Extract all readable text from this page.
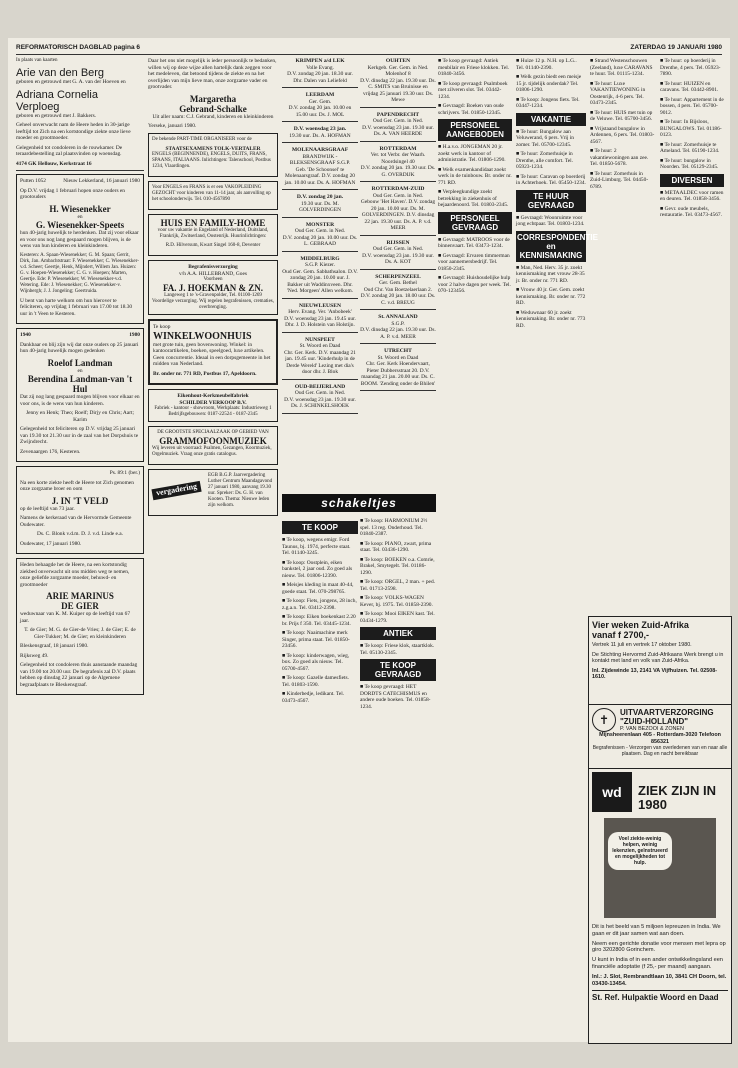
REFORMATORISCH DAGBLAD pagina 6	ZATERDAG 19 JANUARI 1980

In plaats van kaarten

Arie van den Berg

geboren en getrouwd met G. A. van der Hoeven en

Adriana Cornelia Verploeg

geboren en getrouwd met J. Bakkers.

Geheel onverwacht nam de Heere heden in 30-jarige leeftijd tot Zich na een kortstondige ziekte onze lieve moeder en grootmoeder.

Gelegenheid tot condoleren in de rouwkamer. De teraardebestelling zal plaatsvinden op woensdag.

4174 GK Hellouw, Kerkstraat 16

Putten 1052	Nieuw Lekkerland, 16 januari 1980

Op D.V. vrijdag 1 februari hopen onze ouders en grootouders

H. Wiesenekker
en
G. Wiesenekker-Speets

hun 40-jarig huwelijk te herdenken. Dat zij voor elkaar en voor ons nog lang gespaard mogen blijven, is de wens van hun kinderen en kleinkinderen.

Kesteren: A. Spaan-Wiesenekker; G. M. Spaan; Gerrit, Dirk, Jan. Ambachtstraat: F. Wiesenekker; C. Wiesenekker-v.d. Scheer; Geertje, Henk, Mijndert, Willem Jan. Huizen: G. v. Hoepen-Wiesenekker; C. G. v. Hoepen; Marten, Geertje. Ede: P. Wiesenekker; W. Wiesenekker-v.d. Wetering. Ede: J. Wiesenekker; G. Wiesenekker-v. Wijnbergh; J. J. Jongeling; Geertruida.

U bent van harte welkom om hun hierover te feliciteren, op vrijdag 1 februari van 17.00 tot 18.30 uur in 't Veen te Kesteren.

1940	1980

Dankbaar en blij zijn wij dat onze ouders op 25 januari hun 40-jarig huwelijk mogen gedenken

Roelof Landman
en
Berendina Landman-van 't Hul

Dat zij nog lang gespaard mogen blijven voor elkaar en voor ons, is de wens van hun kinderen.

Jenny en Henk; Theo; Roelf; Dirjy en Chris; Aart; Karim

Gelegenheid tot feliciteren op D.V. vrijdag 25 januari van 19.30 tot 21.30 uur in de zaal van het Dorpshuis te Zwijndrecht.

Zevenaargen 176, Kesteren.

Ps. 89:1 (ber.)

Na een korte ziekte heeft de Heere tot Zich genomen onze zorgzame broer en oom

J. IN 'T VELD

op de leeftijd van 73 jaar.

Namens de kerkeraad van de Hervormde Gemeente Oudewater.

Ds. C. Blonk v.d.m. D. J. v.d. Linde e.a.

Oudewater, 17 januari 1980.

Heden behaagde het de Heere, na een kortstondig ziekbed onverwacht uit ons midden weg te nemen, onze geliefde zorgzame moeder, behuwd- en grootmoeder

ARIE MARINUS
DE GIER

weduwnaar van K. M. Kuiper op de leeftijd van 67 jaar.

T. de Gier; M. G. de Gier-de Vries; J. de Gier; E. de Gier-Tukker; M. de Gier; en kleinkinderen

Bleskensgraaf, 18 januari 1980.

Rijksweg 49.

Gelegenheid tot condoleren thuis aanstaande maandag van 19.00 tot 20.00 uur. De begrafenis zal D.V. plaats hebben op dinsdag 22 januari op de Algemene begraafplaats te Bleskensgraaf.

Daar het ons niet mogelijk is ieder persoonlijk te bedanken, willen wij op deze wijze allen hartelijk dank zeggen voor het medeleven, dat betoond tijdens de ziekte en na het overlijden van mijn lieve man, onze zorgzame vader en grootvader.

Margaretha
Gebrand-Schalke

Uit aller naam: C.J. Gebrand, kinderen en kleinkinderen

Yerseke, januari 1980.

De bekende PART-TIME ORGANISEER voor de

STAATSEXAMENS TOLK-VERTALER

ENGELS (BEGINNENDE), ENGELS, DUITS, FRANS, SPAANS, ITALIAANS. Inlichtingen: Talenschool, Postbus 1234, Vlaardingen.

Voor ENGELS en FRANS is er een VAKOPLEIDING GEZOCHT voor kinderen van 11-14 jaar, als aanvulling op het schoolonderwijs. Tel. 010-4567890

HUIS EN FAMILY-HOME

voor uw vakantie in Engeland of Nederland, Duitsland, Frankrijk, Zwitserland, Oostenrijk. Huurinlichtingen:

R.D. Hilversum, Kwart Singel 160-8, Deventer

Begrafenisverzorging
v/h A.A. HILLEBRAND, Goes
Voorheen
FA. J. HOEKMAN & ZN.
Langeweg 1 te 's-Gravenpolder, Tel. 01100-1269
Voordelige verzorging. Wij regelen begrafenissen, crematies, overbrenging.
Te koop
WINKELWOONHUIS

met grote tuin, geen bovenwoning. Winkel: in kantoorartikelen, boeken, speelgoed, luxe artikelen. Geen concurrentie. Ideaal in een dorpsgemeente in het midden van Nederland.

Br. onder nr. 771 RD, Postbus 17, Apeldoorn.

Eikenhout-Kerkmeubelfabriek
SCHILDER VERKOOP B.V.
Fabriek - kantoor - showroom, Werkplaats: Industrieweg 1
Bedrijfsgebouwen: 0187-22524 - 0187-2345
DE GROOTSTE SPECIAALZAAK OP GEBIED VAN
GRAMMOFOONMUZIEK

Wij leveren uit voorraad: Psalmen, Gezangen, Koormuziek, Orgelmuziek. Vraag onze gratis catalogus.

vergadering

EGB B.G.P. Jaarvergadering Luther Centrum Maandagavond 27 januari 1980, aanvang 19.30 uur. Spreker: Ds. G. H. van Kooten. Thema: Nieuwe leden zijn welkom.

KRIMPEN a/d LEK
Volle Evang.
D.V. zondag 20 jan. 18.30 uur. Dhr. Dalen van Leliefeld
LEERDAM
Ger. Gem.
D.V. zondag 20 jan. 10.00 en 15.00 uur. Ds. J. MOL
D.V. woensdag 23 jan.
19.30 uur. Ds. A. HOFMAN
MOLENAARSGRAAF
BRANDWIJK - BLEKSENSGRAAF S.G.P.
Geb. 'De Schoonsel' te Molenaarsgraaf. D.V. zondag 20 jan. 10.00 uur. Ds. A. HOFMAN
D.V. zondag 20 jan.
19.30 uur. Ds. M. GOLVERDINGEN
MONSTER
Oud Ger. Gem. in Ned.
D.V. zondag 20 jan. 10.00 uur. Ds. L. GEBRAAD
MIDDELBURG
S.G.P. Kiezer.
Oud Ger. Gem. Sabbathsalon. D.V. zondag 20 jan. 10.00 uur. J. Bakker uit Waddinxveen. Dhr. 'Ned. Morgeen' Allen welkom.
NIEUWLEUSEN
Herv. Evang. Ver. 'Anbobeek'
D.V. woensdag 23 jan. 19.45 uur. Dhr. J. D. Holstein van Holstijn.
NUNSPEET
St. Woord en Daad
Chr. Ger. Kerk. D.V. maandag 21 jan. 19.45 uur. 'Kinderhulp in de Derde Wereld' Lezing met dia's door dhr. J. Blok
OUD-BEIJERLAND
Oud Ger. Gem. in Ned.
D.V. woensdag 23 jan. 19.30 uur. Ds. J. SCHINKELSHOEK
OUHTEN
Kerkgeb. Ger. Gem. in Ned. Molenhof 8
D.V. dinsdag 22 jan. 19.30 uur. Ds. C. SMITS van Bruinisse en vrijdag 25 januari 19.30 uur. Ds. Mewe
PAPENDRECHT
Oud Ger. Gem. in Ned.
D.V. woensdag 23 jan. 19.30 uur. Ds. A. VAN HEERDE
ROTTERDAM
Ver. tot Verbr. der Waarh. Noordsingel 40
D.V. zondag 20 jan. 19.30 uur. Ds. G. OVERDIJK
ROTTERDAM-ZUID
Oud Ger. Gem. in Ned.
Gebouw 'Het Haven'. D.V. zondag 20 jan. 10.00 uur. Ds. M. GOLVERDINGEN. D.V. dinsdag 22 jan. 19.30 uur. Ds. A. P. v.d. MEER
RIJSSEN
Oud Ger. Gem. in Ned.
D.V. woensdag 23 jan. 19.30 uur. Ds. A. KOT
SCHERPENZEEL
Ger. Gem. Bethel
Oud Chr. Van Boetzelaerlaan 2. D.V. zondag 20 jan. 18.00 uur. Ds. C. v.d. BREUG
St. ANNALAND
S.G.P.
D.V. dinsdag 22 jan. 19.30 uur. Ds. A. P. v.d. MEER
UTRECHT
St. Woord en Daad
Chr. Ger. Kerk Hoendervaart, Pieter Dubbersstraat 20. D.V. maandag 21 jan. 20.00 uur. Ds. C. BOOM. 'Zending onder de Bhilen'
schakeltjes
TE KOOP

■ Te koop, wegens emigr. Ford Taunus, bj. 1974, perfecte staat. Tel. 01140-3245.

■ Te koop: Oostplein, eiken bankstel, 2 jaar oud. Zo goed als nieuw. Tel. 01806-12390.

■ Meisjes kleding in maat 40-44, goede staat. Tel. 070-298765.

■ Te koop: Fiets, jongens, 28 inch, z.g.a.n. Tel. 03412-2398.

■ Te koop: Eiken boekenkast 2.20 br. Prijs f 350. Tel. 03445-1234.

■ Te koop: Naaimachine merk Singer, prima staat. Tel. 01850-23456.

■ Te koop: kinderwagen, wieg, box. Zo goed als nieuw. Tel. 05700-4567.

■ Te koop: Gazelle damesfiets. Tel. 01803-1590.

■ Kinderbedje, ledikant. Tel. 03473-4567.

■ Te koop: HARMONIUM 2½ spel. 13 reg. Onderhoud. Tel. 01840-2387.

■ Te koop: PIANO, zwart, prima staat. Tel. 03436-1290.

■ Te koop: BOEKEN o.a. Comrie, Brakel, Smytegelt. Tel. 01186-1290.

■ Te koop: ORGEL, 2 man. + ped. Tel. 01713-2598.

■ Te koop: VOLKS-WAGEN Kever, bj. 1975. Tel. 01858-2390.

■ Te koop: Mooi EIKEN kast. Tel. 03434-1279.

ANTIEK

■ Te koop: Friese klok, staartklok. Tel. 05130-2345.

TE KOOP GEVRAAGD

■ Te koop gevraagd: HET DORDTS CATECHISMUS en andere oude boeken. Tel. 01858-1234.

■ Te koop gevraagd: Antiek meubilair en Friese klokken. Tel. 01840-3456.

■ Te koop gevraagd: Psalmboek met zilveren slot. Tel. 03442-1234.

■ Gevraagd: Boeken van oude schrijvers. Tel. 01850-12345.

PERSONEEL AANGEBODEN

■ H.a.v.o. JONGEMAN 20 jr. zoekt werk in kantoor of administratie. Tel. 01806-1290.

■ Welk examenkandidaat zoekt werk in de tuinbouw. Br. onder nr. 771 RD.

■ Verpleegkundige zoekt betrekking in ziekenhuis of bejaardenoord. Tel. 01803-2345.

PERSONEEL GEVRAAGD

■ Gevraagd: MATROOS voor de binnenvaart. Tel. 03473-1234.

■ Gevraagd: Ervaren timmerman voor aannemersbedrijf. Tel. 01850-2345.

■ Gevraagd: Huishoudelijke hulp voor 2 halve dagen per week. Tel. 070-123456.

■ Huize 12 p. N.H. op L.G.. Tel. 01140-2390.

■ Welk gezin biedt een meisje 15 jr. tijdelijk onderdak? Tel. 01806-1290.

■ Te koop: Jongens fiets. Tel. 03447-1234.

VAKANTIE

■ Te huur: Bungalow aan Veluwerand, 6 pers. Vrij in zomer. Tel. 05700-12345.

■ Te huur: Zomerhuisje in Drenthe, alle comfort. Tel. 05923-1234.

■ Te huur: Caravan op boerderij in Achterhoek. Tel. 05450-1234.

TE HUUR GEVRAAGD

■ Gevraagd: Woonruimte voor jong echtpaar. Tel. 01803-1234.

CORRESPONDENTIE en KENNISMAKING

■ Man, Ned. Herv. 35 jr. zoekt kennismaking met vrouw 28-35 jr. Br. onder nr. 771 RD.

■ Vrouw 40 jr. Ger. Gem. zoekt kennismaking. Br. onder nr. 772 RD.

■ Weduwnaar 60 jr. zoekt kennismaking. Br. onder nr. 773 RD.

■ Strand Westenschouwen (Zeeland), luxe CARAVANS te huur. Tel. 01115-1234.

■ Te huur: Luxe VAKANTIEWONING in Oostenrijk, 4-6 pers. Tel. 03473-2345.

■ Te huur: HUIS met tuin op de Veluwe. Tel. 05700-3456.

■ Vrijstaand bungalow in Ardennen, 6 pers. Tel. 01803-4567.

■ Te huur: 2 vakantiewoningen aan zee. Tel. 01850-5678.

■ Te huur: Zomerhuis in Zuid-Limburg. Tel. 04450-6789.

■ Te huur: op boerderij in Drenthe, 4 pers. Tel. 05923-7890.

■ Te huur: HUIZEN en caravans. Tel. 03442-8901.

■ Te huur: Appartement in de bossen, 4 pers. Tel. 05700-9012.

■ Te huur: In Bijsloos, BUNGALOWS. Tel. 01186-0123.

■ Te huur: Zomerhuisje te Ameland. Tel. 05190-1234.

■ Te huur: bungalow in Noorden. Tel. 05129-2345.

DIVERSEN

■ METAALDEC voor ramen en deuren. Tel. 01858-3456.

■ Gevr. oude meubels, restauratie. Tel. 03473-4567.

Vier weken Zuid-Afrika
vanaf f 2700,-

Vertrek 11 juli en vertrek 17 oktober 1980.

De Stichting Hervormd Zuid-Afrikaans Werk brengt u in kontakt met land en volk van Zuid-Afrika.

Inl. Zijdewinde 13, 2141 VA Vijfhuizen. Tel. 02508-1610.

✝
UITVAARTVERZORGING
"ZUID-HOLLAND"
P. VAN BEZOOI & ZONEN
Mijnsheerenlaan 405 - Rotterdam-3020 Telefoon 856321
Begrafenissen - Verzorgen van overledenen van en naar alle plaatsen. Dag en nacht bereikbaar
wd	ZIEK ZIJN IN 1980
Voel ziekte-weinig helpen, weinig lekenzien, geïnstrueerd en mogelijkheden tot hulp.

Dit is het beeld van 5 miljoen lepreuzen in India. We gaan er dit jaar samen wat aan doen.

Neem een gerichte donatie voor mensen met lepra op giro 3202800 Gorinchem.

U kunt in India of in een ander ontwikkelingsland een financiële adoptatie (f 25,- per maand) aangaan.

Inl.: J. Slot, Rembrandtlaan 10, 3841 CH Doorn, tel. 03430-13454.

St. Ref. Hulpaktie Woord en Daad
